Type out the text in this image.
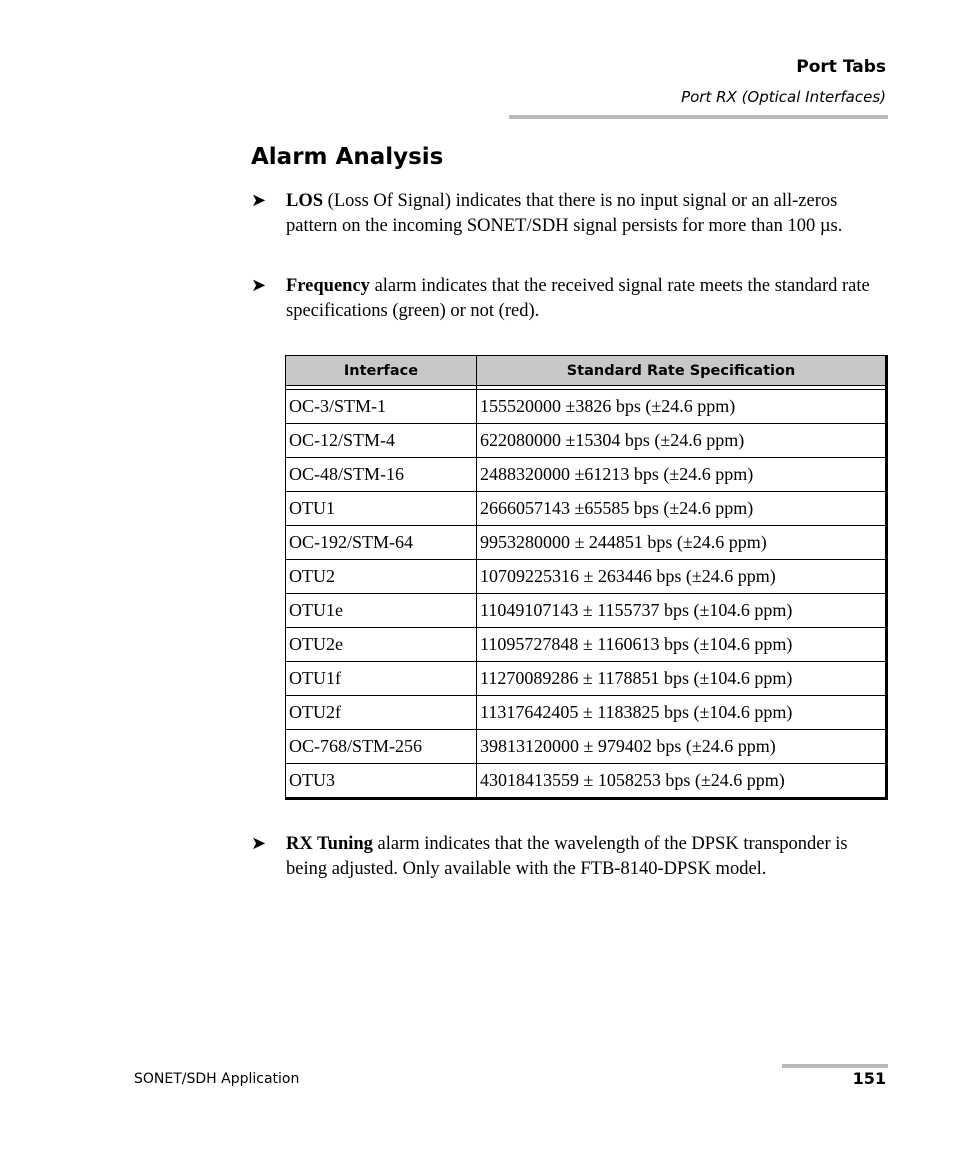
Port Tabs
Port RX (Optical Interfaces)
Alarm Analysis
➤ LOS (Loss Of Signal) indicates that there is no input signal or an all-zeros pattern on the incoming SONET/SDH signal persists for more than 100 µs.
➤ Frequency alarm indicates that the received signal rate meets the standard rate specifications (green) or not (red).
Interface	Standard Rate Specification

OC-3/STM-1	155520000 ±3826 bps (±24.6 ppm)
OC-12/STM-4	622080000 ±15304 bps (±24.6 ppm)
OC-48/STM-16	2488320000 ±61213 bps (±24.6 ppm)
OTU1	2666057143 ±65585 bps (±24.6 ppm)
OC-192/STM-64	9953280000 ± 244851 bps (±24.6 ppm)
OTU2	10709225316 ± 263446 bps (±24.6 ppm)
OTU1e	11049107143 ± 1155737 bps (±104.6 ppm)
OTU2e	11095727848 ± 1160613 bps (±104.6 ppm)
OTU1f	11270089286 ± 1178851 bps (±104.6 ppm)
OTU2f	11317642405 ± 1183825 bps (±104.6 ppm)
OC-768/STM-256	39813120000 ± 979402 bps (±24.6 ppm)
OTU3	43018413559 ± 1058253 bps (±24.6 ppm)
➤ RX Tuning alarm indicates that the wavelength of the DPSK transponder is being adjusted. Only available with the FTB-8140-DPSK model.
SONET/SDH Application	151
